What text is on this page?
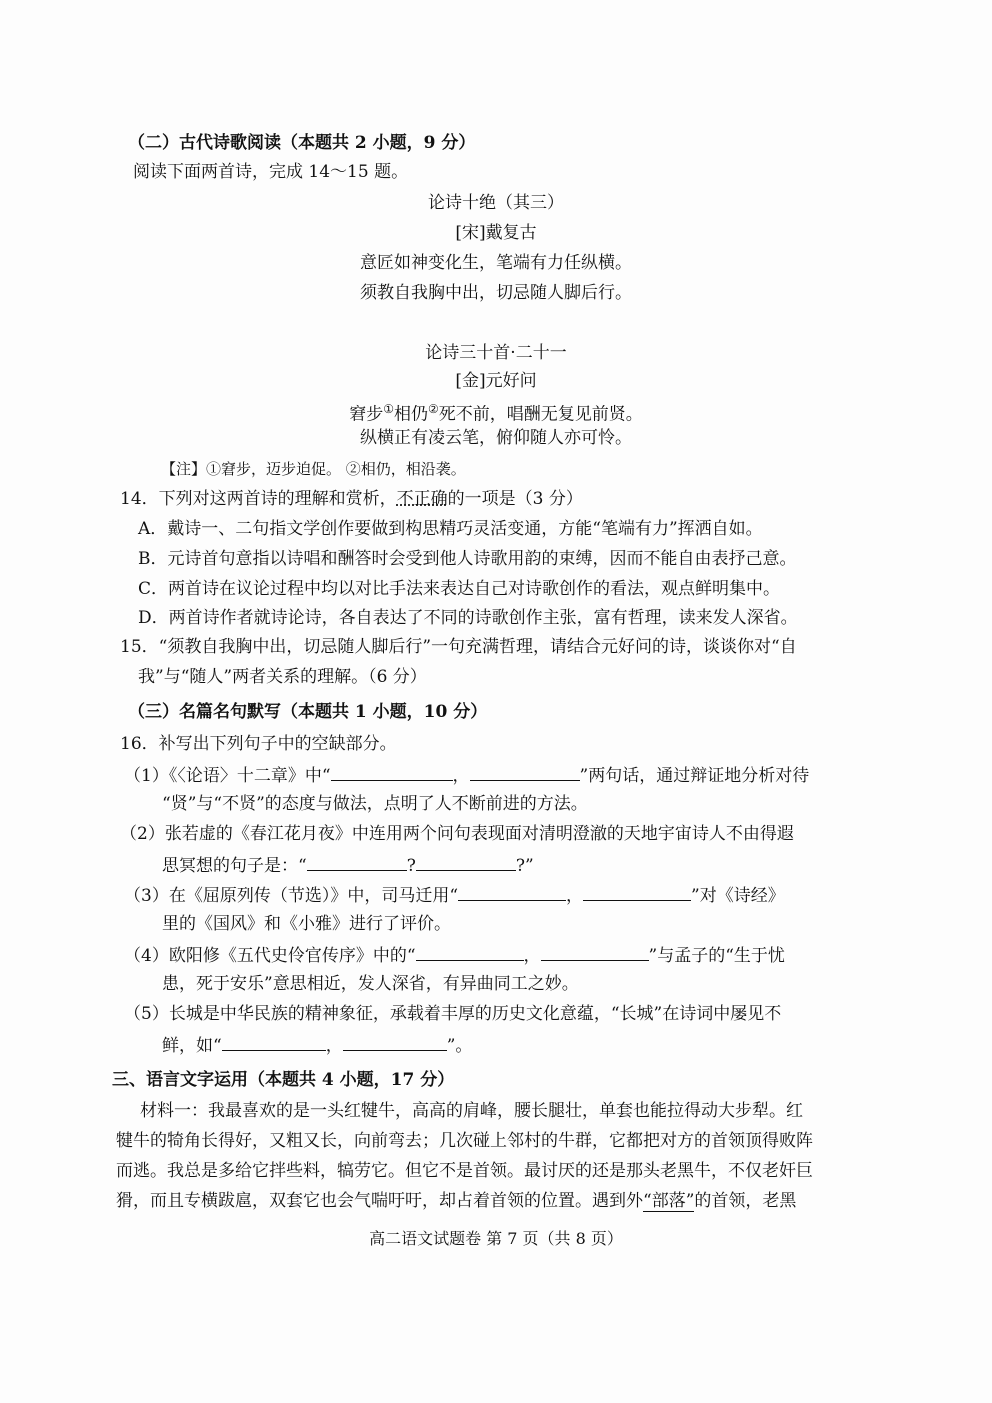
（二）古代诗歌阅读（本题共 2 小题，9 分）
阅读下面两首诗，完成 14～15 题。
论诗十绝（其三）
[宋]戴复古
意匠如神变化生，笔端有力任纵横。
须教自我胸中出，切忌随人脚后行。
论诗三十首·二十一
[金]元好问
窘步①相仍②死不前，唱酬无复见前贤。
纵横正有凌云笔，俯仰随人亦可怜。
【注】①窘步，迈步迫促。 ②相仍，相沿袭。
14．下列对这两首诗的理解和赏析，不正确的一项是（3 分）
A．戴诗一、二句指文学创作要做到构思精巧灵活变通，方能“笔端有力”挥洒自如。
B．元诗首句意指以诗唱和酬答时会受到他人诗歌用韵的束缚，因而不能自由表抒己意。
C．两首诗在议论过程中均以对比手法来表达自己对诗歌创作的看法，观点鲜明集中。
D．两首诗作者就诗论诗，各自表达了不同的诗歌创作主张，富有哲理，读来发人深省。
15．“须教自我胸中出，切忌随人脚后行”一句充满哲理，请结合元好问的诗，谈谈你对“自
我”与“随人”两者关系的理解。（6 分）
（三）名篇名句默写（本题共 1 小题，10 分）
16．补写出下列句子中的空缺部分。
（1）《〈论语〉十二章》中“	，	”两句话，通过辩证地分析对待
“贤”与“不贤”的态度与做法，点明了人不断前进的方法。
（2）张若虚的《春江花月夜》中连用两个问句表现面对清明澄澈的天地宇宙诗人不由得遐
思冥想的句子是：“	?	?”
（3）在《屈原列传（节选）》中，司马迁用“	，	”对《诗经》
里的《国风》和《小雅》进行了评价。
（4）欧阳修《五代史伶官传序》中的“	，	”与孟子的“生于忧
患，死于安乐”意思相近，发人深省，有异曲同工之妙。
（5）长城是中华民族的精神象征，承载着丰厚的历史文化意蕴，“长城”在诗词中屡见不
鲜，如“	，	”。
三、语言文字运用（本题共 4 小题，17 分）
材料一：我最喜欢的是一头红犍牛，高高的肩峰，腰长腿壮，单套也能拉得动大步犁。红
犍牛的犄角长得好，又粗又长，向前弯去；几次碰上邻村的牛群，它都把对方的首领顶得败阵
而逃。我总是多给它拌些料，犒劳它。但它不是首领。最讨厌的还是那头老黑牛，不仅老奸巨
猾，而且专横跋扈，双套它也会气喘吁吁，却占着首领的位置。遇到外“部落”的首领，老黑
高二语文试题卷 第 7 页（共 8 页）
